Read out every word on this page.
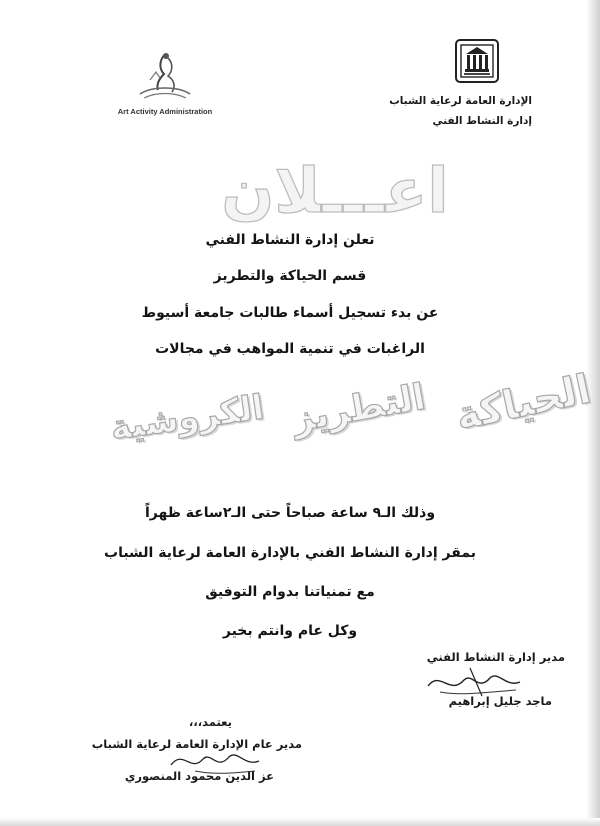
Art Activity Administration
الإدارة العامة لرعاية الشباب
إدارة النشاط الفني
اعـــلان
تعلن إدارة النشاط الفني
قسم الحياكة والتطريز
عن بدء تسجيل أسماء طالبات جامعة أسيوط
الراغبات في تنمية المواهب في مجالات
الحياكة
التطريز
الكروشية
وذلك الـ٩ ساعة صباحاً حتى الـ٢ساعة ظهراً
بمقر إدارة النشاط الفني بالإدارة العامة لرعاية الشباب
مع تمنياتنا بدوام التوفيق
وكل عام وانتم بخير
مدير إدارة النشاط الفني
ماجد جليل إبراهيم
يعتمد،،،
مدير عام الإدارة العامة لرعاية الشباب
عز الدين محمود المنصوري
